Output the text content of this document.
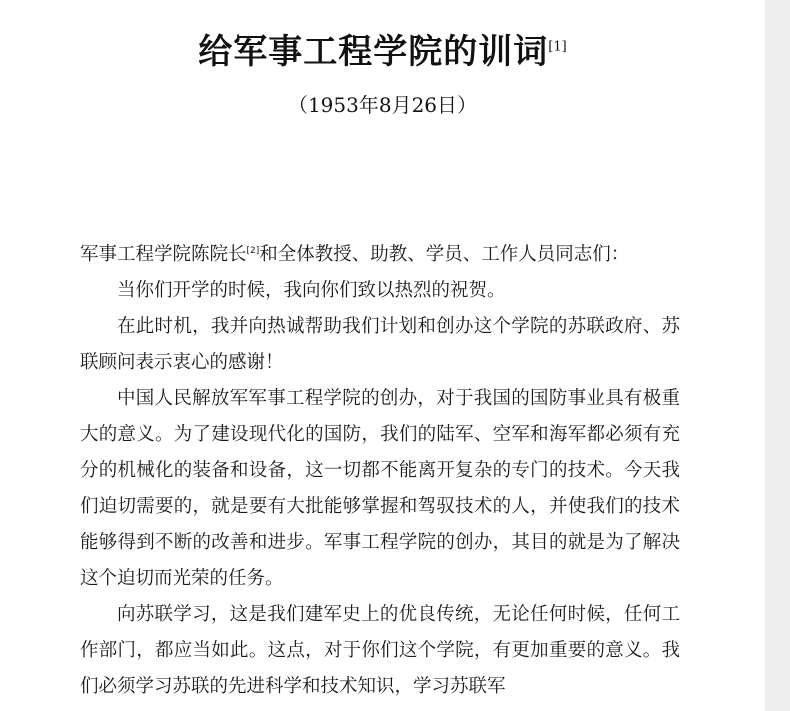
给军事工程学院的训词[1]
（1953年8月26日）

军事工程学院陈院长[2]和全体教授、助教、学员、工作人员同志们：

当你们开学的时候，我向你们致以热烈的祝贺。

在此时机，我并向热诚帮助我们计划和创办这个学院的苏联政府、苏联顾问表示衷心的感谢！

中国人民解放军军事工程学院的创办，对于我国的国防事业具有极重大的意义。为了建设现代化的国防，我们的陆军、空军和海军都必须有充分的机械化的装备和设备，这一切都不能离开复杂的专门的技术。今天我们迫切需要的，就是要有大批能够掌握和驾驭技术的人，并使我们的技术能够得到不断的改善和进步。军事工程学院的创办，其目的就是为了解决这个迫切而光荣的任务。

向苏联学习，这是我们建军史上的优良传统，无论任何时候，任何工作部门，都应当如此。这点，对于你们这个学院，有更加重要的意义。我们必须学习苏联的先进科学和技术知识，学习苏联军
